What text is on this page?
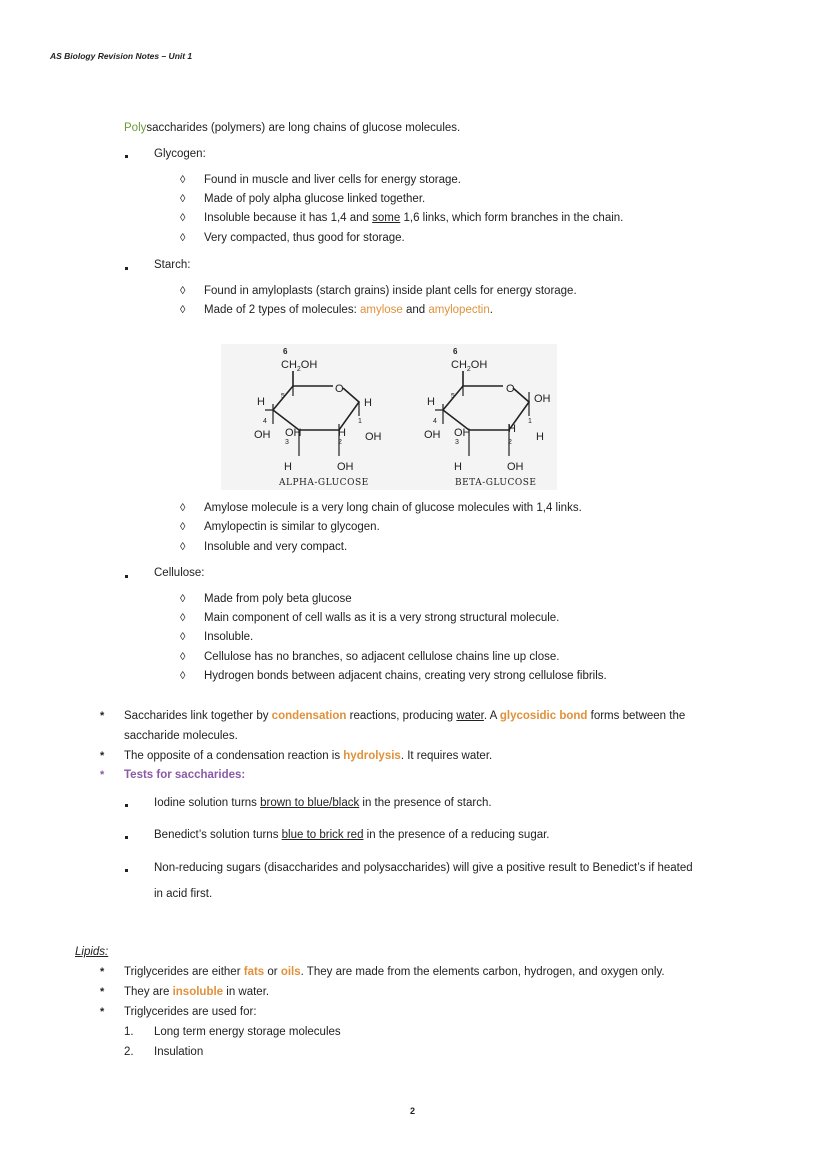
AS Biology Revision Notes – Unit 1
Polysaccharides (polymers) are long chains of glucose molecules.
Glycogen:
◊ Found in muscle and liver cells for energy storage.
◊ Made of poly alpha glucose linked together.
◊ Insoluble because it has 1,4 and some 1,6 links, which form branches in the chain.
◊ Very compacted, thus good for storage.
Starch:
◊ Found in amyloplasts (starch grains) inside plant cells for energy storage.
◊ Made of 2 types of molecules: amylose and amylopectin.
6
$CH_2OH$
O
H	H
OH OH	H OH
H	OH
5
4
3	2
1
ALPHA-GLUCOSE
6
$CH_2OH$
O
H	OH
OH OH	H
H
H	OH
5
4
3	2
1
BETA-GLUCOSE
◊ Amylose molecule is a very long chain of glucose molecules with 1,4 links.
◊ Amylopectin is similar to glycogen.
◊ Insoluble and very compact.
Cellulose:
◊ Made from poly beta glucose
◊ Main component of cell walls as it is a very strong structural molecule.
◊ Insoluble.
◊ Cellulose has no branches, so adjacent cellulose chains line up close.
◊ Hydrogen bonds between adjacent chains, creating very strong cellulose fibrils.
* Saccharides link together by condensation reactions, producing water. A glycosidic bond forms between the
saccharide molecules.
* The opposite of a condensation reaction is hydrolysis. It requires water.
* Tests for saccharides:
Iodine solution turns brown to blue/black in the presence of starch.
Benedict’s solution turns blue to brick red in the presence of a reducing sugar.
Non-reducing sugars (disaccharides and polysaccharides) will give a positive result to Benedict’s if heated
in acid first.
Lipids:
* Triglycerides are either fats or oils. They are made from the elements carbon, hydrogen, and oxygen only.
* They are insoluble in water.
* Triglycerides are used for:
1. Long term energy storage molecules
2. Insulation
2
